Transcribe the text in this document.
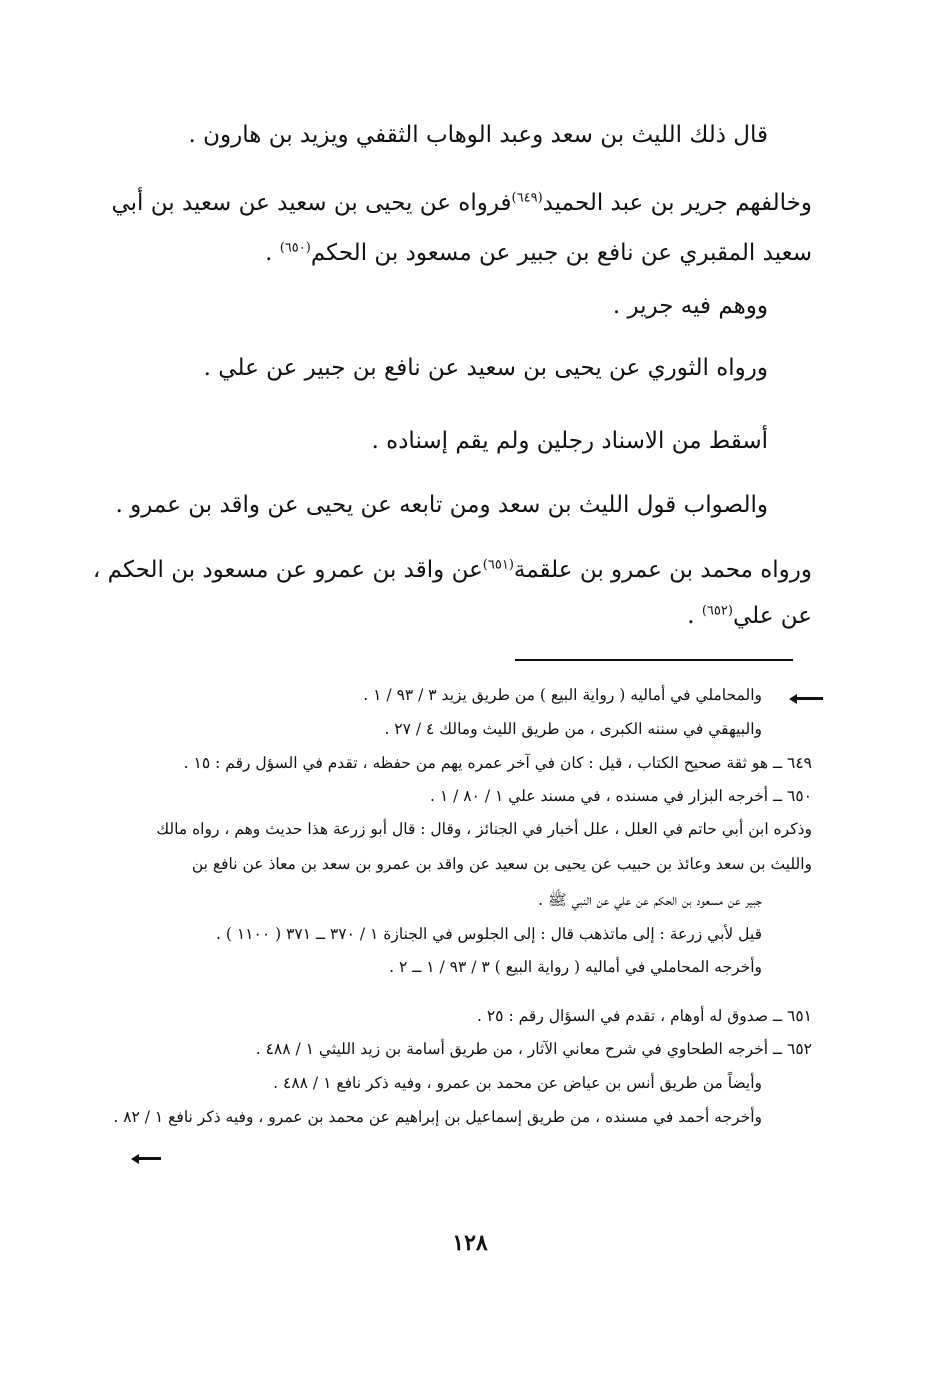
قال ذلك الليث بن سعد وعبد الوهاب الثقفي ويزيد بن هارون .
وخالفهم جرير بن عبد الحميد$^{(٦٤٩)}$فرواه عن يحيى بن سعيد عن سعيد بن أبي
سعيد المقبري عن نافع بن جبير عن مسعود بن الحكم$^{(٦٥٠)}$ .
ووهم فيه جرير .
ورواه الثوري عن يحيى بن سعيد عن نافع بن جبير عن علي .
أسقط من الاسناد رجلين ولم يقم إسناده .
والصواب قول الليث بن سعد ومن تابعه عن يحيى عن واقد بن عمرو .
ورواه محمد بن عمرو بن علقمة$^{(٦٥١)}$عن واقد بن عمرو عن مسعود بن الحكم ،
عن علي$^{(٦٥٢)}$ .
والمحاملي في أماليه ( رواية البيع ) من طريق يزيد ٣ / ٩٣ / ١ .
والبيهقي في سننه الكبرى ، من طريق الليث ومالك ٤ / ٢٧ .
٦٤٩ ــ هو ثقة صحيح الكتاب ، قيل : كان في آخر عمره يهم من حفظه ، تقدم في السؤل رقم : ١٥ .
٦٥٠ ــ أخرجه البزار في مسنده ، في مسند علي ١ / ٨٠ / ١ .
وذكره ابن أبي حاتم في العلل ، علل أخبار في الجنائز ، وقال : قال أبو زرعة هذا حديث وهم ، رواه مالك
والليث بن سعد وعائذ بن حبيب عن يحيى بن سعيد عن واقد بن عمرو بن سعد بن معاذ عن نافع بن
جبير عن مسعود بن الحكم عن علي عن النبي ﷺ .
قيل لأبي زرعة : إلى ماتذهب قال : إلى الجلوس في الجنازة ١ / ٣٧٠ ــ ٣٧١ ( ١١٠٠ ) .
وأخرجه المحاملي في أماليه ( رواية البيع ) ٣ / ٩٣ / ١ ــ ٢ .
٦٥١ ــ صدوق له أوهام ، تقدم في السؤال رقم : ٢٥ .
٦٥٢ ــ أخرجه الطحاوي في شرح معاني الآثار ، من طريق أسامة بن زيد الليثي ١ / ٤٨٨ .
وأيضاً من طريق أنس بن عياض عن محمد بن عمرو ، وفيه ذكر نافع ١ / ٤٨٨ .
وأخرجه أحمد في مسنده ، من طريق إسماعيل بن إبراهيم عن محمد بن عمرو ، وفيه ذكر نافع ١ / ٨٢ .
١٢٨
